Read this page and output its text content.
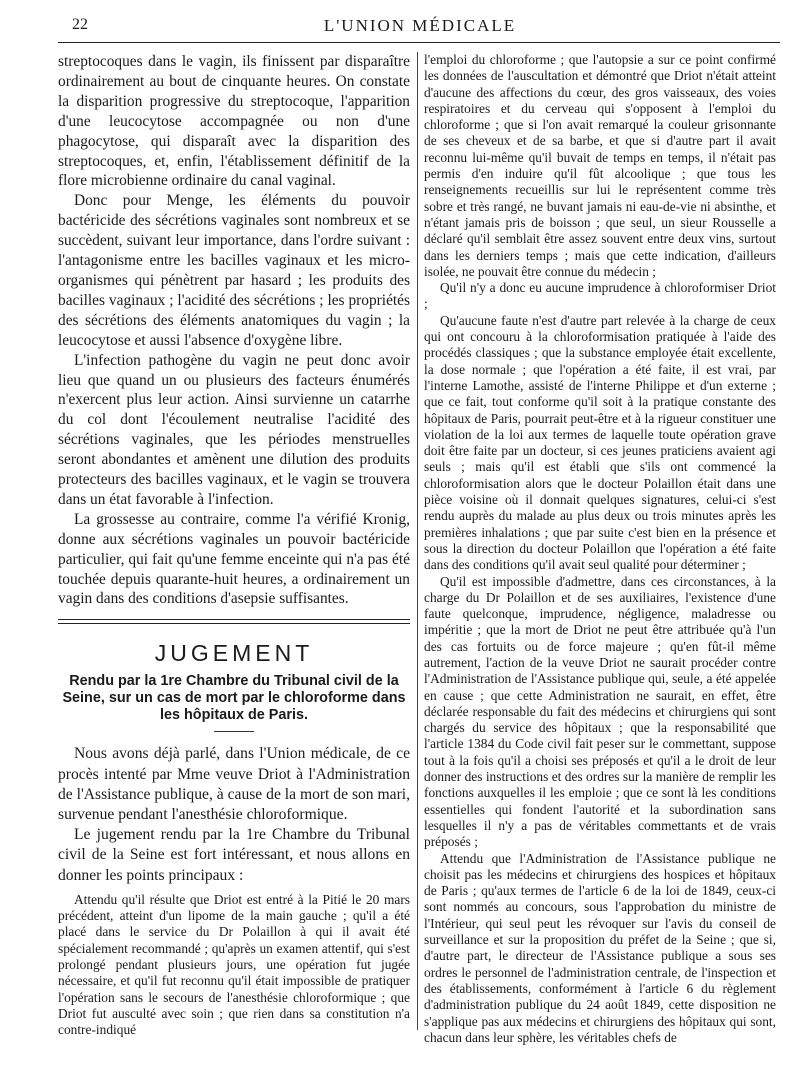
22	L'UNION MÉDICALE

streptocoques dans le vagin, ils finissent par disparaître ordinairement au bout de cinquante heures. On constate la disparition progressive du streptocoque, l'apparition d'une leucocytose accompagnée ou non d'une phagocytose, qui disparaît avec la disparition des streptocoques, et, enfin, l'établissement définitif de la flore microbienne ordinaire du canal vaginal.

Donc pour Menge, les éléments du pouvoir bactéricide des sécrétions vaginales sont nombreux et se succèdent, suivant leur importance, dans l'ordre suivant : l'antagonisme entre les bacilles vaginaux et les micro-organismes qui pénètrent par hasard ; les produits des bacilles vaginaux ; l'acidité des sécrétions ; les propriétés des sécrétions des éléments anatomiques du vagin ; la leucocytose et aussi l'absence d'oxygène libre.

L'infection pathogène du vagin ne peut donc avoir lieu que quand un ou plusieurs des facteurs énumérés n'exercent plus leur action. Ainsi survienne un catarrhe du col dont l'écoulement neutralise l'acidité des sécrétions vaginales, que les périodes menstruelles seront abondantes et amènent une dilution des produits protecteurs des bacilles vaginaux, et le vagin se trouvera dans un état favorable à l'infection.

La grossesse au contraire, comme l'a vérifié Kronig, donne aux sécrétions vaginales un pouvoir bactéricide particulier, qui fait qu'une femme enceinte qui n'a pas été touchée depuis quarante-huit heures, a ordinairement un vagin dans des conditions d'asepsie suffisantes.

JUGEMENT
Rendu par la 1re Chambre du Tribunal civil de la Seine, sur un cas de mort par le chloroforme dans les hôpitaux de Paris.

Nous avons déjà parlé, dans l'Union médicale, de ce procès intenté par Mme veuve Driot à l'Administration de l'Assistance publique, à cause de la mort de son mari, survenue pendant l'anesthésie chloroformique.

Le jugement rendu par la 1re Chambre du Tribunal civil de la Seine est fort intéressant, et nous allons en donner les points principaux :

Attendu qu'il résulte que Driot est entré à la Pitié le 20 mars précédent, atteint d'un lipome de la main gauche ; qu'il a été placé dans le service du Dr Polaillon à qui il avait été spécialement recommandé ; qu'après un examen attentif, qui s'est prolongé pendant plusieurs jours, une opération fut jugée nécessaire, et qu'il fut reconnu qu'il était impossible de pratiquer l'opération sans le secours de l'anesthésie chloroformique ; que Driot fut ausculté avec soin ; que rien dans sa constitution n'a contre-indiqué

l'emploi du chloroforme ; que l'autopsie a sur ce point confirmé les données de l'auscultation et démontré que Driot n'était atteint d'aucune des affections du cœur, des gros vaisseaux, des voies respiratoires et du cerveau qui s'opposent à l'emploi du chloroforme ; que si l'on avait remarqué la couleur grisonnante de ses cheveux et de sa barbe, et que si d'autre part il avait reconnu lui-même qu'il buvait de temps en temps, il n'était pas permis d'en induire qu'il fût alcoolique ; que tous les renseignements recueillis sur lui le représentent comme très sobre et très rangé, ne buvant jamais ni eau-de-vie ni absinthe, et n'étant jamais pris de boisson ; que seul, un sieur Rousselle a déclaré qu'il semblait être assez souvent entre deux vins, surtout dans les derniers temps ; mais que cette indication, d'ailleurs isolée, ne pouvait être connue du médecin ;

Qu'il n'y a donc eu aucune imprudence à chloroformiser Driot ;

Qu'aucune faute n'est d'autre part relevée à la charge de ceux qui ont concouru à la chloroformisation pratiquée à l'aide des procédés classiques ; que la substance employée était excellente, la dose normale ; que l'opération a été faite, il est vrai, par l'interne Lamothe, assisté de l'interne Philippe et d'un externe ; que ce fait, tout conforme qu'il soit à la pratique constante des hôpitaux de Paris, pourrait peut-être et à la rigueur constituer une violation de la loi aux termes de laquelle toute opération grave doit être faite par un docteur, si ces jeunes praticiens avaient agi seuls ; mais qu'il est établi que s'ils ont commencé la chloroformisation alors que le docteur Polaillon était dans une pièce voisine où il donnait quelques signatures, celui-ci s'est rendu auprès du malade au plus deux ou trois minutes après les premières inhalations ; que par suite c'est bien en la présence et sous la direction du docteur Polaillon que l'opération a été faite dans des conditions qu'il avait seul qualité pour déterminer ;

Qu'il est impossible d'admettre, dans ces circonstances, à la charge du Dr Polaillon et de ses auxiliaires, l'existence d'une faute quelconque, imprudence, négligence, maladresse ou impéritie ; que la mort de Driot ne peut être attribuée qu'à l'un des cas fortuits ou de force majeure ; qu'en fût-il même autrement, l'action de la veuve Driot ne saurait procéder contre l'Administration de l'Assistance publique qui, seule, a été appelée en cause ; que cette Administration ne saurait, en effet, être déclarée responsable du fait des médecins et chirurgiens qui sont chargés du service des hôpitaux ; que la responsabilité que l'article 1384 du Code civil fait peser sur le commettant, suppose tout à la fois qu'il a choisi ses préposés et qu'il a le droit de leur donner des instructions et des ordres sur la manière de remplir les fonctions auxquelles il les emploie ; que ce sont là les conditions essentielles qui fondent l'autorité et la subordination sans lesquelles il n'y a pas de véritables commettants et de vrais préposés ;

Attendu que l'Administration de l'Assistance publique ne choisit pas les médecins et chirurgiens des hospices et hôpitaux de Paris ; qu'aux termes de l'article 6 de la loi de 1849, ceux-ci sont nommés au concours, sous l'approbation du ministre de l'Intérieur, qui seul peut les révoquer sur l'avis du conseil de surveillance et sur la proposition du préfet de la Seine ; que si, d'autre part, le directeur de l'Assistance publique a sous ses ordres le personnel de l'administration centrale, de l'inspection et des établissements, conformément à l'article 6 du règlement d'administration publique du 24 août 1849, cette disposition ne s'applique pas aux médecins et chirurgiens des hôpitaux qui sont, chacun dans leur sphère, les véritables chefs de
